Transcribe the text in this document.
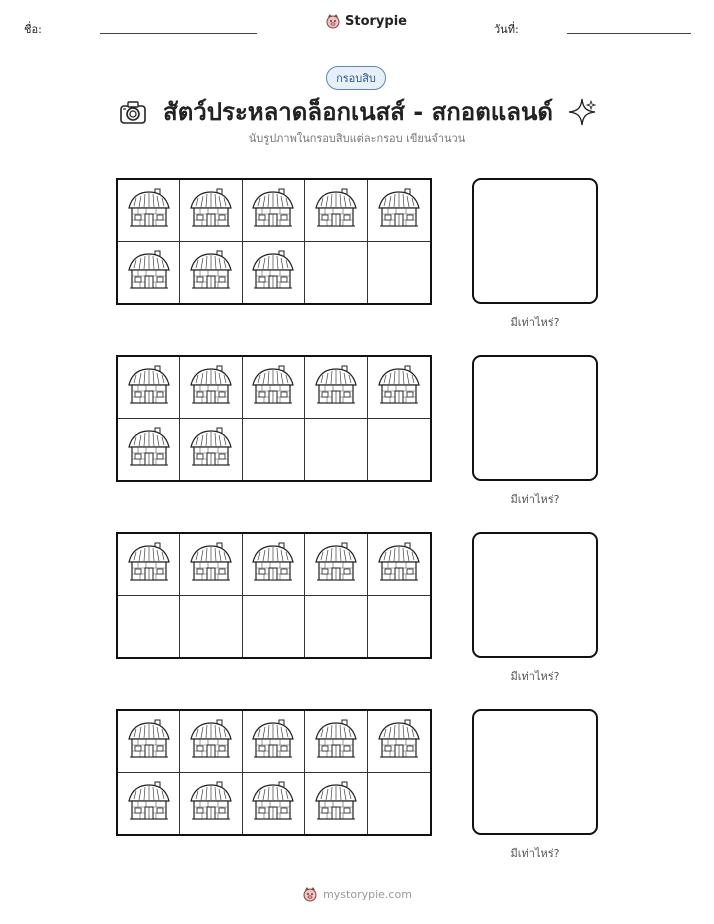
ชื่อ:
Storypie
วันที่:
กรอบสิบ
สัตว์ประหลาดล็อกเนสส์ - สกอตแลนด์
นับรูปภาพในกรอบสิบแต่ละกรอบ เขียนจำนวน
มีเท่าไหร่?
มีเท่าไหร่?
มีเท่าไหร่?
มีเท่าไหร่?
mystorypie.com
